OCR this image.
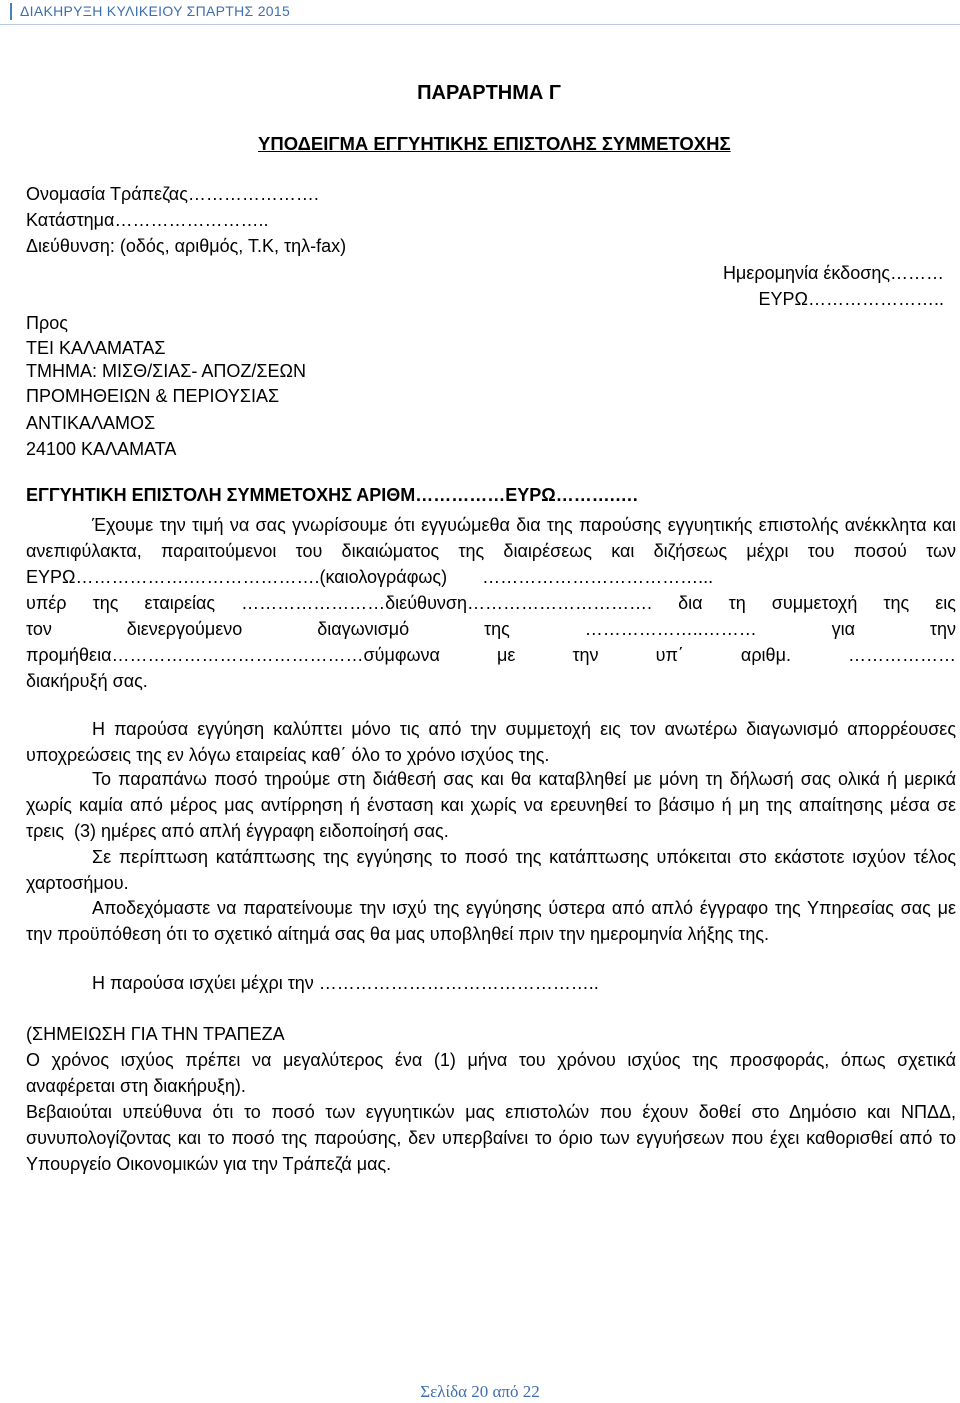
ΔΙΑΚΗΡΥΞΗ ΚΥΛΙΚΕΙΟΥ ΣΠΑΡΤΗΣ 2015
ΠΑΡΑΡΤΗΜΑ Γ
ΥΠΟΔΕΙΓΜΑ ΕΓΓΥΗΤΙΚΗΣ ΕΠΙΣΤΟΛΗΣ ΣΥΜΜΕΤΟΧΗΣ
Ονομασία Τράπεζας………………….
Κατάστημα……………………..
Διεύθυνση: (οδός, αριθμός, Τ.Κ, τηλ-fax)
Ημερομηνία έκδοσης………
ΕΥΡΩ…………………..
Προς
ΤΕΙ ΚΑΛΑΜΑΤΑΣ
ΤΜΗΜΑ: ΜΙΣΘ/ΣΙΑΣ- ΑΠΟΖ/ΣΕΩΝ
ΠΡΟΜΗΘΕΙΩΝ & ΠΕΡΙΟΥΣΙΑΣ
ΑΝΤΙΚΑΛΑΜΟΣ
24100 ΚΑΛΑΜΑΤΑ
ΕΓΓΥΗΤΙΚΗ ΕΠΙΣΤΟΛΗ ΣΥΜΜΕΤΟΧΗΣ ΑΡΙΘΜ……………ΕΥΡΩ……….….
Έχουμε την τιμή να σας γνωρίσουμε ότι εγγυώμεθα δια της παρούσης εγγυητικής επιστολής ανέκκλητα και
ανεπιφύλακτα, παραιτούμενοι του δικαιώματος της διαιρέσεως και διζήσεως μέχρι του ποσού των
ΕΥΡΩ……………….………………….(καιολογράφως)       ………………………………...
υπέρ της εταιρείας ……………………διεύθυνση…………………………. δια τη συμμετοχή της εις
τον διενεργούμενο διαγωνισμό της ………………..……… για την
προμήθεια……………………………………σύμφωνα με την υπ΄ αριθμ. ………………
διακήρυξή σας.
Η παρούσα εγγύηση καλύπτει μόνο τις από την συμμετοχή εις τον ανωτέρω διαγωνισμό απορρέουσες
υποχρεώσεις της εν λόγω εταιρείας καθ΄ όλο το χρόνο ισχύος της.
Το παραπάνω ποσό τηρούμε στη διάθεσή σας και θα καταβληθεί με μόνη τη δήλωσή σας ολικά ή μερικά
χωρίς καμία από μέρος μας αντίρρηση ή ένσταση και χωρίς να ερευνηθεί το βάσιμο ή μη της απαίτησης μέσα σε
τρεις  (3) ημέρες από απλή έγγραφη ειδοποίησή σας.
Σε περίπτωση κατάπτωσης της εγγύησης το ποσό της κατάπτωσης υπόκειται στο εκάστοτε ισχύον τέλος
χαρτοσήμου.
Αποδεχόμαστε να παρατείνουμε την ισχύ της εγγύησης ύστερα από απλό έγγραφο της Υπηρεσίας σας με
την προϋπόθεση ότι το σχετικό αίτημά σας θα μας υποβληθεί πριν την ημερομηνία λήξης της.
Η παρούσα ισχύει μέχρι την ………………………………………..
(ΣΗΜΕΙΩΣΗ ΓΙΑ ΤΗΝ ΤΡΑΠΕΖΑ
Ο χρόνος ισχύος πρέπει να μεγαλύτερος ένα (1) μήνα του χρόνου ισχύος της προσφοράς, όπως σχετικά
αναφέρεται στη διακήρυξη).
Βεβαιούται υπεύθυνα ότι το ποσό των εγγυητικών μας επιστολών που έχουν δοθεί στο Δημόσιο και ΝΠΔΔ,
συνυπολογίζοντας και το ποσό της παρούσης, δεν υπερβαίνει το όριο των εγγυήσεων που έχει καθορισθεί από το
Υπουργείο Οικονομικών για την Τράπεζά μας.
Σελίδα 20 από 22
